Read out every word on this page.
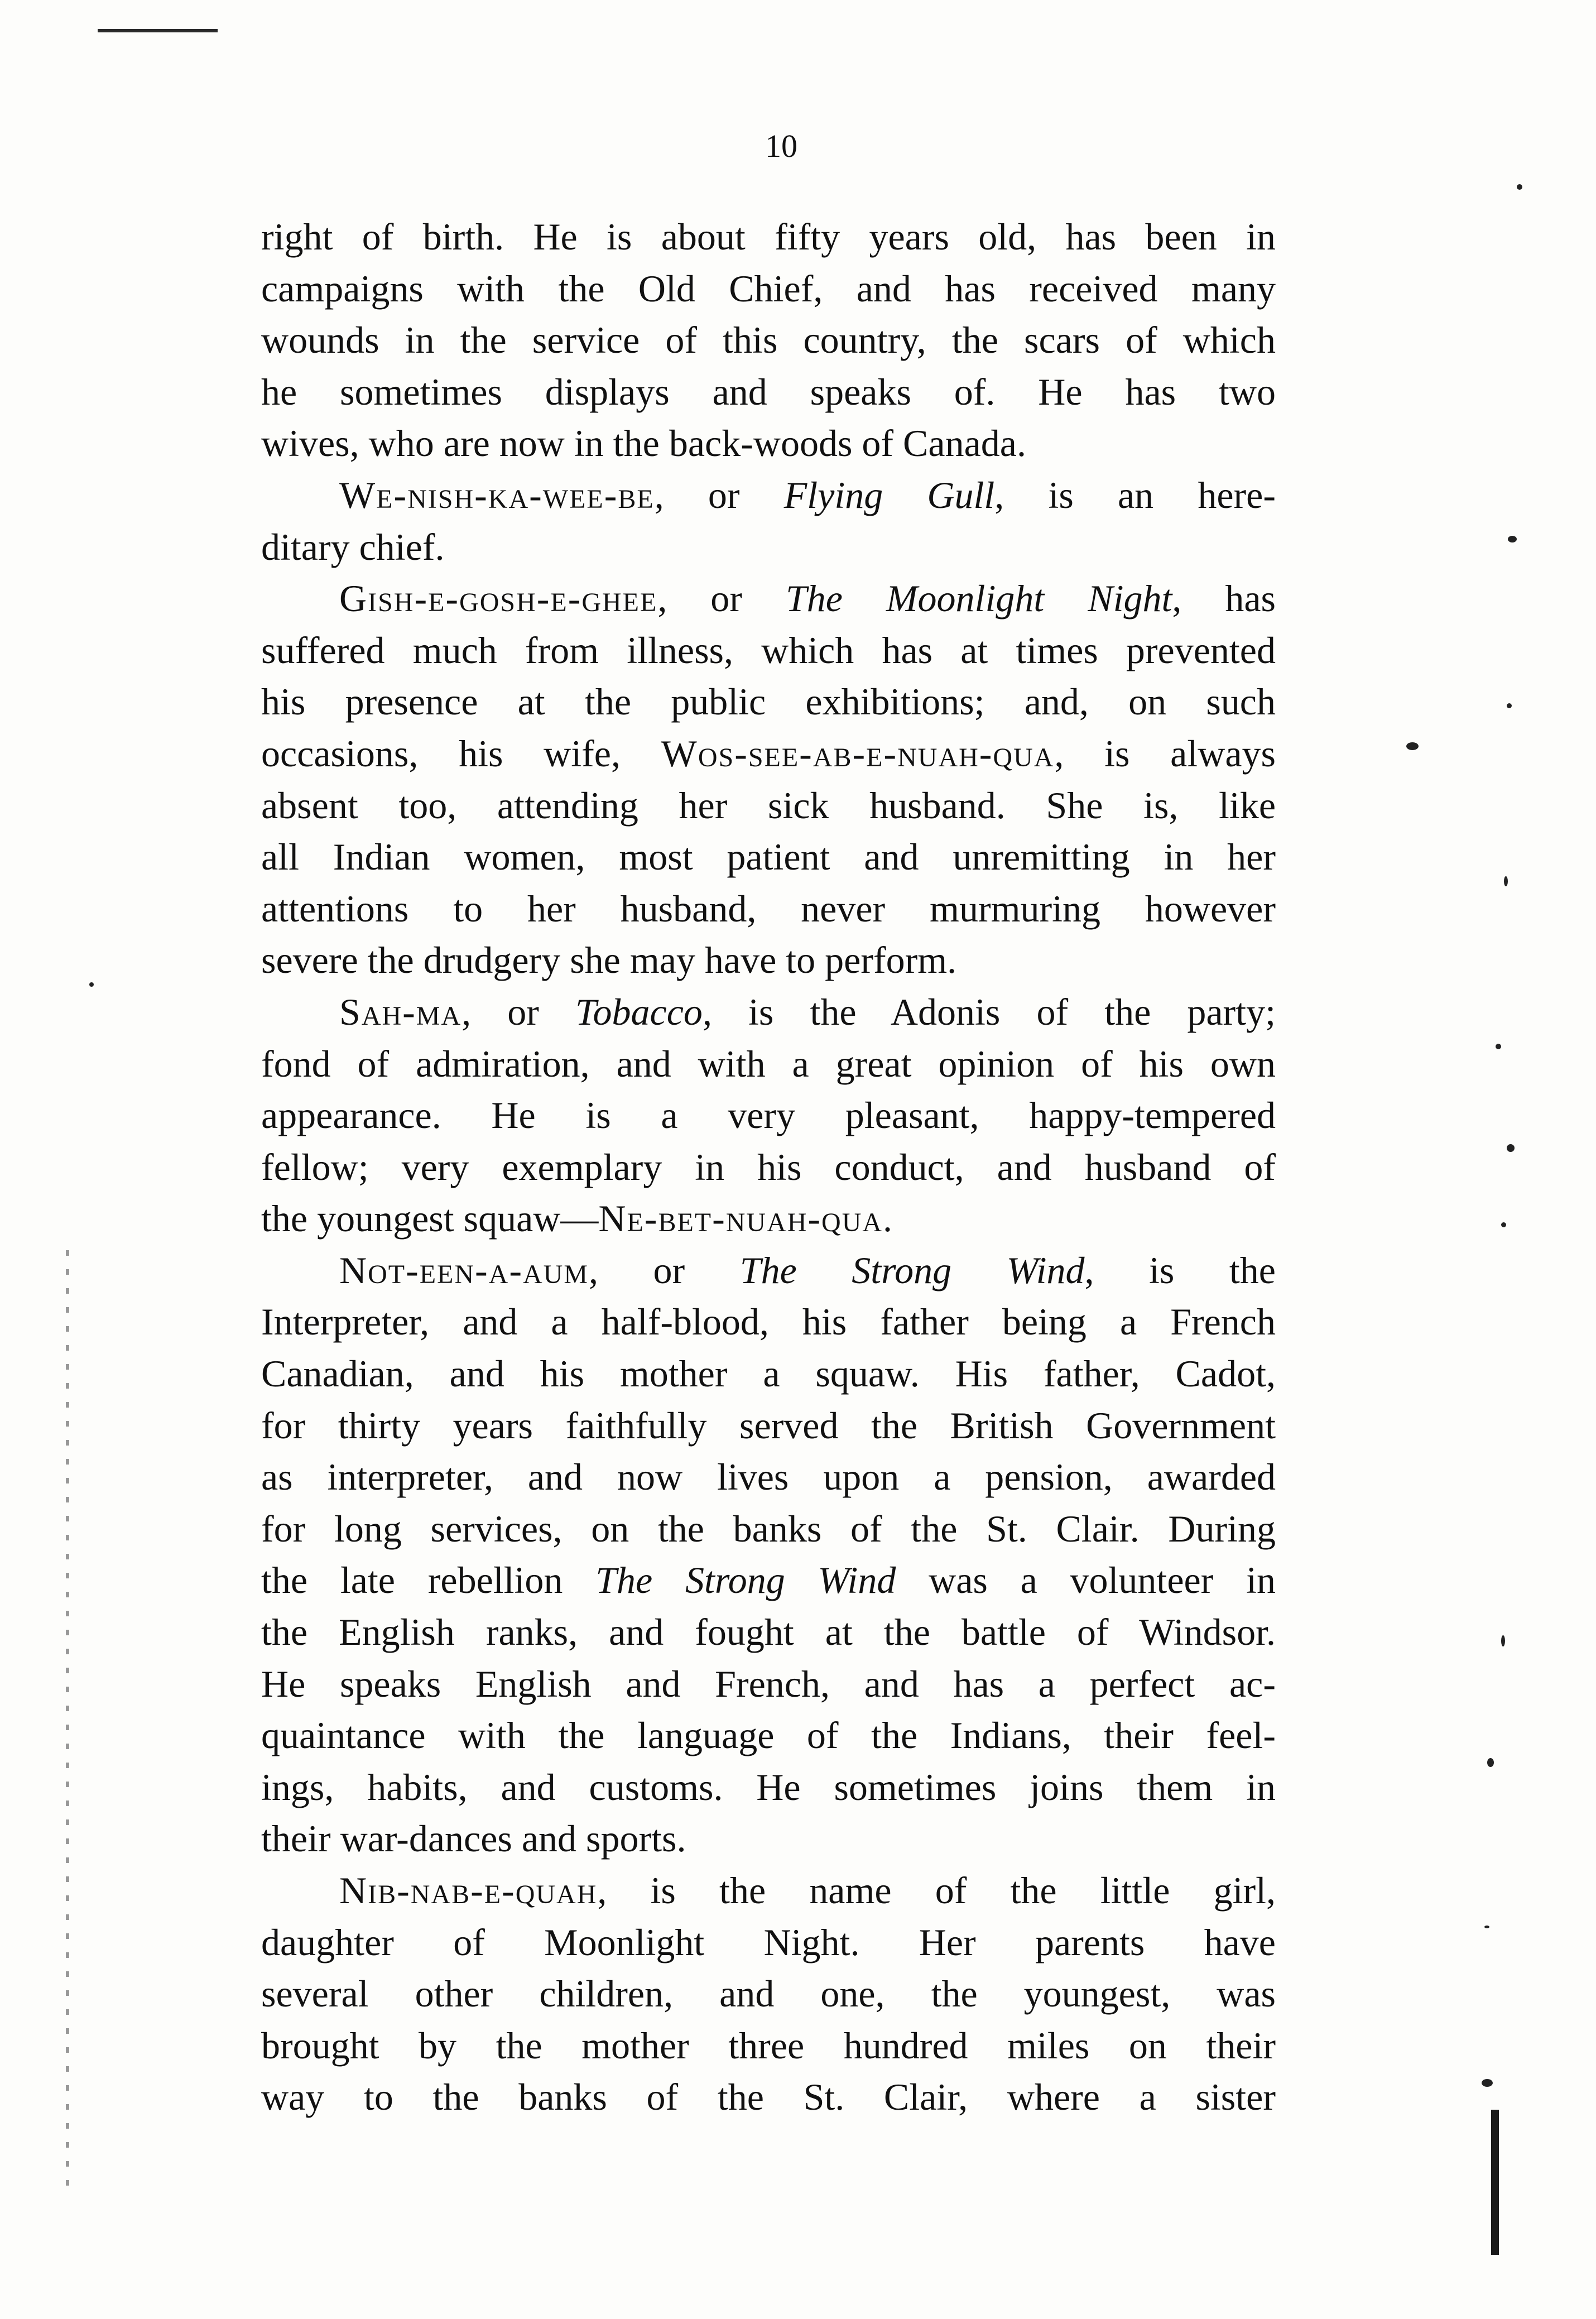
10
right of birth. He is about fifty years old, has been in
campaigns with the Old Chief, and has received many
wounds in the service of this country, the scars of which
he sometimes displays and speaks of. He has two
wives, who are now in the back-woods of Canada.
We-nish-ka-wee-be, or Flying Gull, is an here-
ditary chief.
Gish-e-gosh-e-ghee, or The Moonlight Night, has
suffered much from illness, which has at times prevented
his presence at the public exhibitions; and, on such
occasions, his wife, Wos-see-ab-e-nuah-qua, is always
absent too, attending her sick husband. She is, like
all Indian women, most patient and unremitting in her
attentions to her husband, never murmuring however
severe the drudgery she may have to perform.
Sah-ma, or Tobacco, is the Adonis of the party;
fond of admiration, and with a great opinion of his own
appearance. He is a very pleasant, happy-tempered
fellow; very exemplary in his conduct, and husband of
the youngest squaw—Ne-bet-nuah-qua.
Not-een-a-aum, or The Strong Wind, is the
Interpreter, and a half-blood, his father being a French
Canadian, and his mother a squaw. His father, Cadot,
for thirty years faithfully served the British Government
as interpreter, and now lives upon a pension, awarded
for long services, on the banks of the St. Clair. During
the late rebellion The Strong Wind was a volunteer in
the English ranks, and fought at the battle of Windsor.
He speaks English and French, and has a perfect ac-
quaintance with the language of the Indians, their feel-
ings, habits, and customs. He sometimes joins them in
their war-dances and sports.
Nib-nab-e-quah, is the name of the little girl,
daughter of Moonlight Night. Her parents have
several other children, and one, the youngest, was
brought by the mother three hundred miles on their
way to the banks of the St. Clair, where a sister
